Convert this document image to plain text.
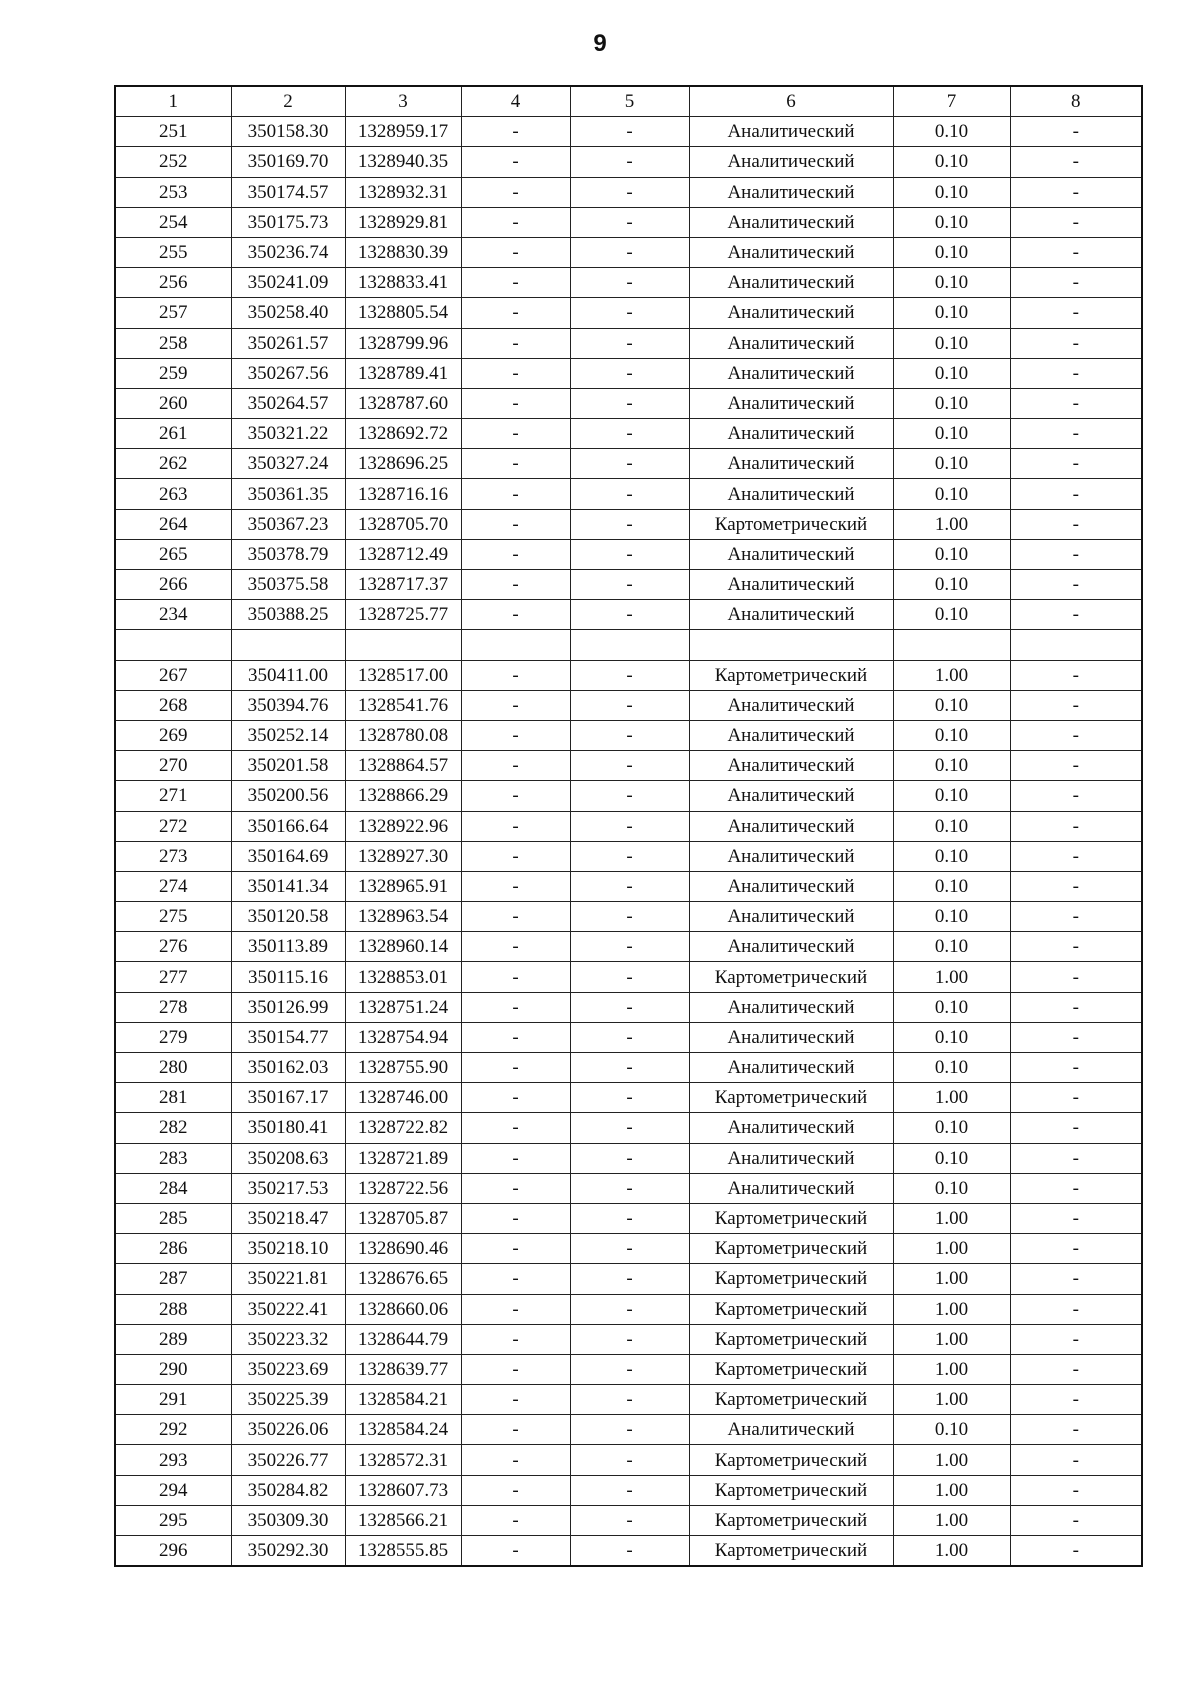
9
1	2	3	4	5	6	7	8
251	350158.30	1328959.17	-	-	Аналитический	0.10	-
252	350169.70	1328940.35	-	-	Аналитический	0.10	-
253	350174.57	1328932.31	-	-	Аналитический	0.10	-
254	350175.73	1328929.81	-	-	Аналитический	0.10	-
255	350236.74	1328830.39	-	-	Аналитический	0.10	-
256	350241.09	1328833.41	-	-	Аналитический	0.10	-
257	350258.40	1328805.54	-	-	Аналитический	0.10	-
258	350261.57	1328799.96	-	-	Аналитический	0.10	-
259	350267.56	1328789.41	-	-	Аналитический	0.10	-
260	350264.57	1328787.60	-	-	Аналитический	0.10	-
261	350321.22	1328692.72	-	-	Аналитический	0.10	-
262	350327.24	1328696.25	-	-	Аналитический	0.10	-
263	350361.35	1328716.16	-	-	Аналитический	0.10	-
264	350367.23	1328705.70	-	-	Картометрический	1.00	-
265	350378.79	1328712.49	-	-	Аналитический	0.10	-
266	350375.58	1328717.37	-	-	Аналитический	0.10	-
234	350388.25	1328725.77	-	-	Аналитический	0.10	-

267	350411.00	1328517.00	-	-	Картометрический	1.00	-
268	350394.76	1328541.76	-	-	Аналитический	0.10	-
269	350252.14	1328780.08	-	-	Аналитический	0.10	-
270	350201.58	1328864.57	-	-	Аналитический	0.10	-
271	350200.56	1328866.29	-	-	Аналитический	0.10	-
272	350166.64	1328922.96	-	-	Аналитический	0.10	-
273	350164.69	1328927.30	-	-	Аналитический	0.10	-
274	350141.34	1328965.91	-	-	Аналитический	0.10	-
275	350120.58	1328963.54	-	-	Аналитический	0.10	-
276	350113.89	1328960.14	-	-	Аналитический	0.10	-
277	350115.16	1328853.01	-	-	Картометрический	1.00	-
278	350126.99	1328751.24	-	-	Аналитический	0.10	-
279	350154.77	1328754.94	-	-	Аналитический	0.10	-
280	350162.03	1328755.90	-	-	Аналитический	0.10	-
281	350167.17	1328746.00	-	-	Картометрический	1.00	-
282	350180.41	1328722.82	-	-	Аналитический	0.10	-
283	350208.63	1328721.89	-	-	Аналитический	0.10	-
284	350217.53	1328722.56	-	-	Аналитический	0.10	-
285	350218.47	1328705.87	-	-	Картометрический	1.00	-
286	350218.10	1328690.46	-	-	Картометрический	1.00	-
287	350221.81	1328676.65	-	-	Картометрический	1.00	-
288	350222.41	1328660.06	-	-	Картометрический	1.00	-
289	350223.32	1328644.79	-	-	Картометрический	1.00	-
290	350223.69	1328639.77	-	-	Картометрический	1.00	-
291	350225.39	1328584.21	-	-	Картометрический	1.00	-
292	350226.06	1328584.24	-	-	Аналитический	0.10	-
293	350226.77	1328572.31	-	-	Картометрический	1.00	-
294	350284.82	1328607.73	-	-	Картометрический	1.00	-
295	350309.30	1328566.21	-	-	Картометрический	1.00	-
296	350292.30	1328555.85	-	-	Картометрический	1.00	-
